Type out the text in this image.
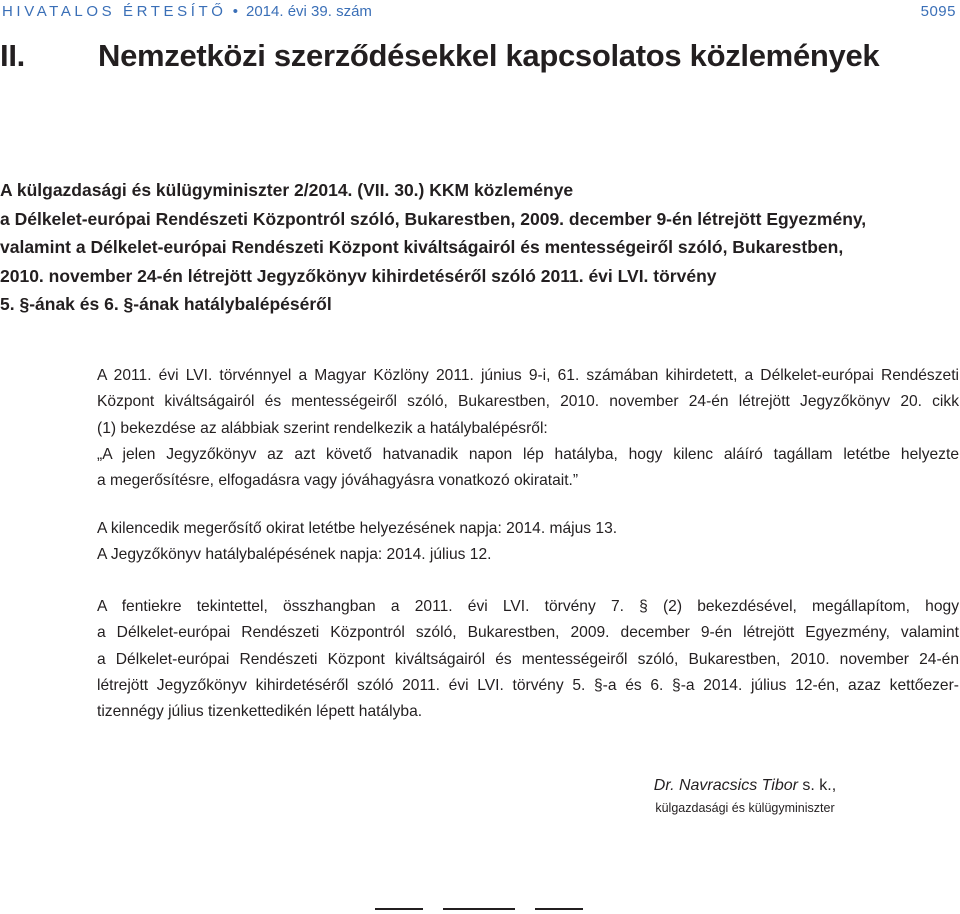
HIVATALOS ÉRTESÍTŐ • 2014. évi 39. szám	5095
II. Nemzetközi szerződésekkel kapcsolatos közlemények
A külgazdasági és külügyminiszter 2/2014. (VII. 30.) KKM közleménye
a Délkelet-európai Rendészeti Központról szóló, Bukarestben, 2009. december 9-én létrejött Egyezmény,
valamint a Délkelet-európai Rendészeti Központ kiváltságairól és mentességeiről szóló, Bukarestben,
2010. november 24-én létrejött Jegyzőkönyv kihirdetéséről szóló 2011. évi LVI. törvény
5. §-ának és 6. §-ának hatálybalépéséről
A 2011. évi LVI. törvénnyel a Magyar Közlöny 2011. június 9-i, 61. számában kihirdetett, a Délkelet-európai Rendészeti
Központ kiváltságairól és mentességeiről szóló, Bukarestben, 2010. november 24-én létrejött Jegyzőkönyv 20. cikk
(1) bekezdése az alábbiak szerint rendelkezik a hatálybalépésről:
„A jelen Jegyzőkönyv az azt követő hatvanadik napon lép hatályba, hogy kilenc aláíró tagállam letétbe helyezte
a megerősítésre, elfogadásra vagy jóváhagyásra vonatkozó okiratait.”
A kilencedik megerősítő okirat letétbe helyezésének napja: 2014. május 13.
A Jegyzőkönyv hatálybalépésének napja: 2014. július 12.
A fentiekre tekintettel, összhangban a 2011. évi LVI. törvény 7. § (2) bekezdésével, megállapítom, hogy
a Délkelet-európai Rendészeti Központról szóló, Bukarestben, 2009. december 9-én létrejött Egyezmény, valamint
a Délkelet-európai Rendészeti Központ kiváltságairól és mentességeiről szóló, Bukarestben, 2010. november 24-én
létrejött Jegyzőkönyv kihirdetéséről szóló 2011. évi LVI. törvény 5. §-a és 6. §-a 2014. július 12-én, azaz kettőezer-
tizennégy július tizenkettedikén lépett hatályba.
Dr. Navracsics Tibor s. k.,
külgazdasági és külügyminiszter
